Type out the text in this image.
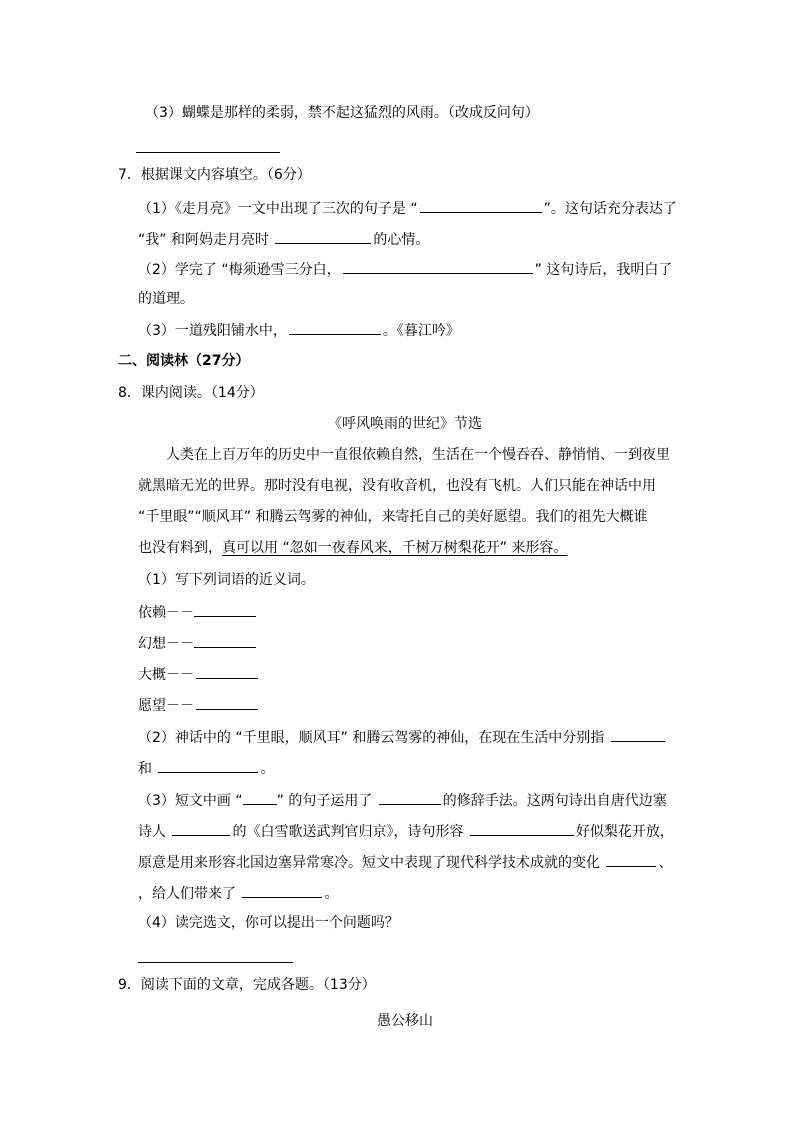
（3）蝴蝶是那样的柔弱，禁不起这猛烈的风雨。（改成反问句）
7．根据课文内容填空。（6分）
（1）《走月亮》一文中出现了三次的句子是 “	”。这句话充分表达了
“我” 和阿妈走月亮时	的心情。
（2）学完了 “梅须逊雪三分白，	” 这句诗后，我明白了
的道理。
（3）一道残阳铺水中，	。《暮江吟》
二、阅读林（27分）
8．课内阅读。（14分）
《呼风唤雨的世纪》节选
人类在上百万年的历史中一直很依赖自然，生活在一个慢吞吞、静悄悄、一到夜里
就黑暗无光的世界。那时没有电视，没有收音机，也没有飞机。人们只能在神话中用
“千里眼”“顺风耳” 和腾云驾雾的神仙，来寄托自己的美好愿望。我们的祖先大概谁
也没有料到，真可以用 “忽如一夜春风来，千树万树梨花开” 来形容。
（1）写下列词语的近义词。
依赖－－
幻想－－
大概－－
愿望－－
（2）神话中的 “千里眼，顺风耳” 和腾云驾雾的神仙，在现在生活中分别指
和	。
（3）短文中画 “ ” 的句子运用了	的修辞手法。这两句诗出自唐代边塞
诗人	的《白雪歌送武判官归京》，诗句形容	好似梨花开放，
原意是用来形容北国边塞异常寒冷。短文中表现了现代科学技术成就的变化	、
，给人们带来了	。
（4）读完选文，你可以提出一个问题吗？
9．阅读下面的文章，完成各题。（13分）
愚公移山
